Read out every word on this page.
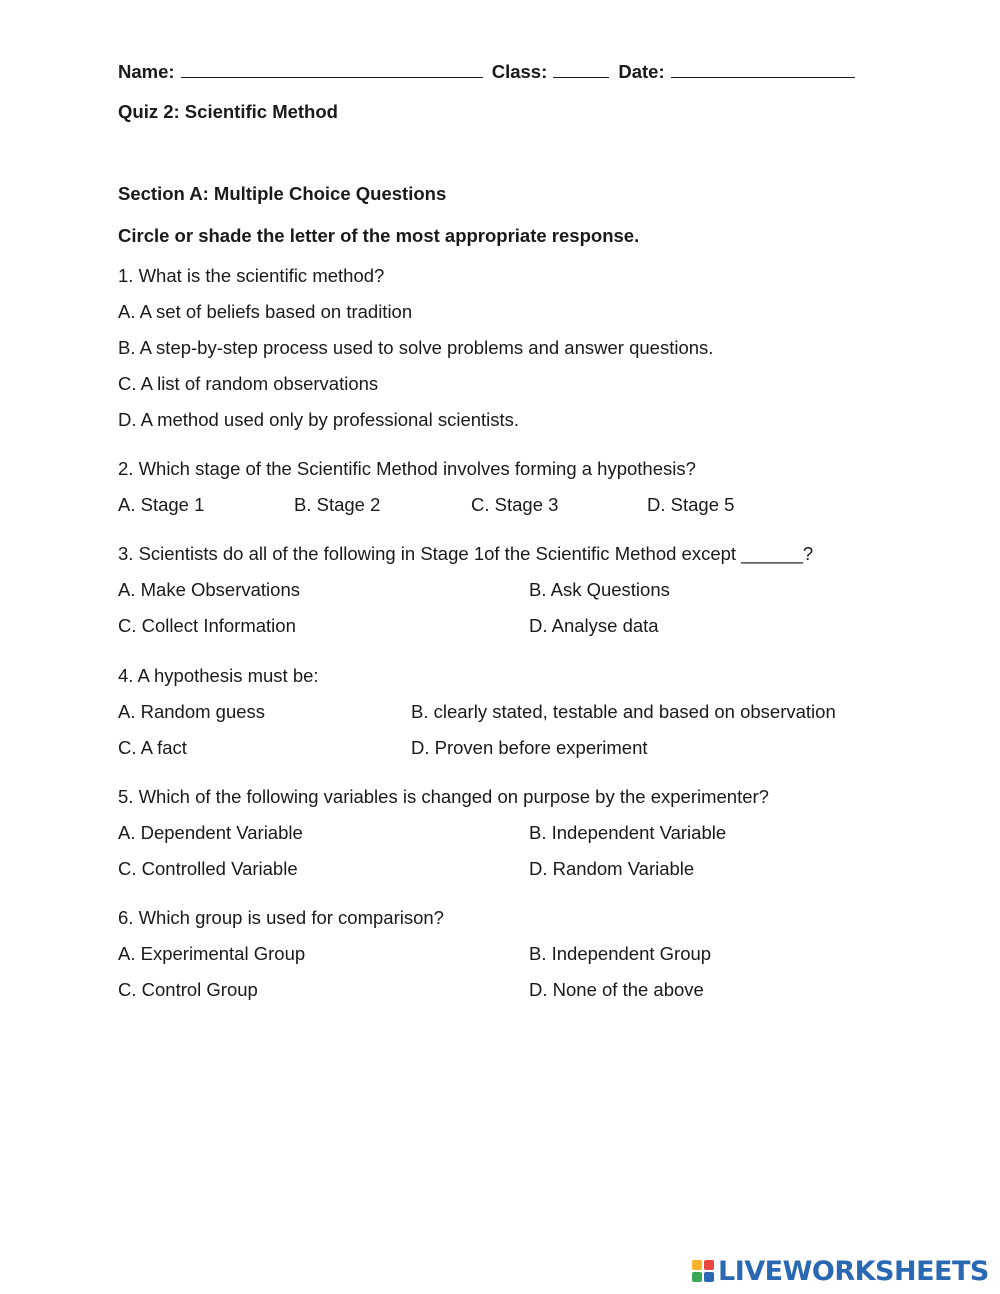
Name:	Class:	Date:
Quiz 2: Scientific Method
Section A: Multiple Choice Questions
Circle or shade the letter of the most appropriate response.
1. What is the scientific method?
A. A set of beliefs based on tradition
B. A step-by-step process used to solve problems and answer questions.
C. A list of random observations
D. A method used only by professional scientists.
2. Which stage of the Scientific Method involves forming a hypothesis?
A. Stage 1	B. Stage 2	C. Stage 3	D. Stage 5
3. Scientists do all of the following in Stage 1of the Scientific Method except ______?
A. Make Observations	B. Ask Questions
C. Collect Information	D. Analyse data
4. A hypothesis must be:
A. Random guess	B. clearly stated, testable and based on observation
C. A fact	D. Proven before experiment
5. Which of the following variables is changed on purpose by the experimenter?
A. Dependent Variable	B. Independent Variable
C. Controlled Variable	D. Random Variable
6. Which group is used for comparison?
A. Experimental Group	B. Independent Group
C. Control Group	D. None of the above
LIVEWORKSHEETS
